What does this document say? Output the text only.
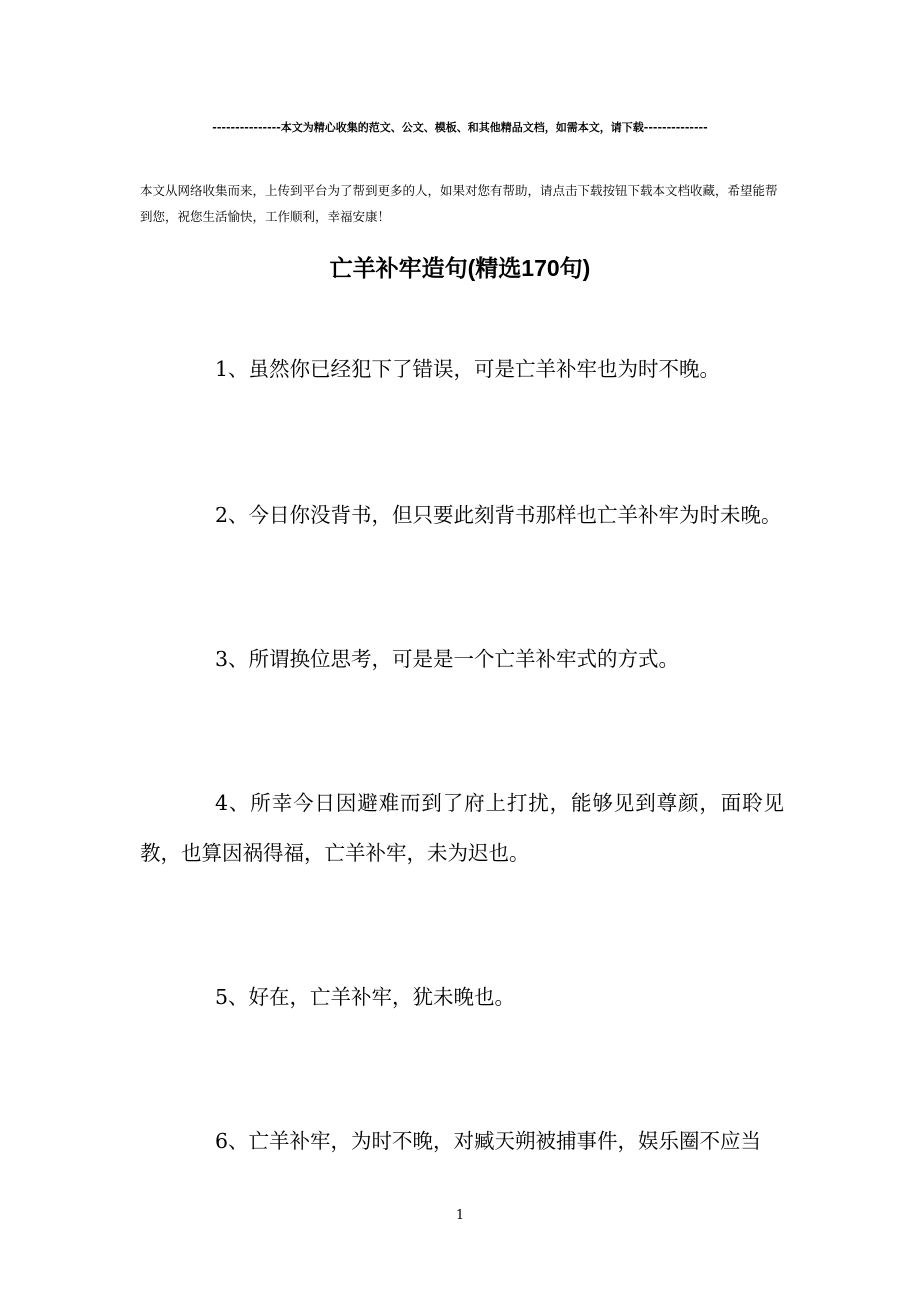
---------------本文为精心收集的范文、公文、模板、和其他精品文档，如需本文，请下载--------------
本文从网络收集而来，上传到平台为了帮到更多的人，如果对您有帮助，请点击下载按钮下载本文档收藏，希望能帮到您，祝您生活愉快，工作顺利，幸福安康！
亡羊补牢造句(精选170句)
1、虽然你已经犯下了错误，可是亡羊补牢也为时不晚。
2、今日你没背书，但只要此刻背书那样也亡羊补牢为时未晚。
3、所谓换位思考，可是是一个亡羊补牢式的方式。
4、所幸今日因避难而到了府上打扰，能够见到尊颜，面聆见教，也算因祸得福，亡羊补牢，未为迟也。
5、好在，亡羊补牢，犹未晚也。
6、亡羊补牢，为时不晚，对臧天朔被捕事件，娱乐圈不应当
1
